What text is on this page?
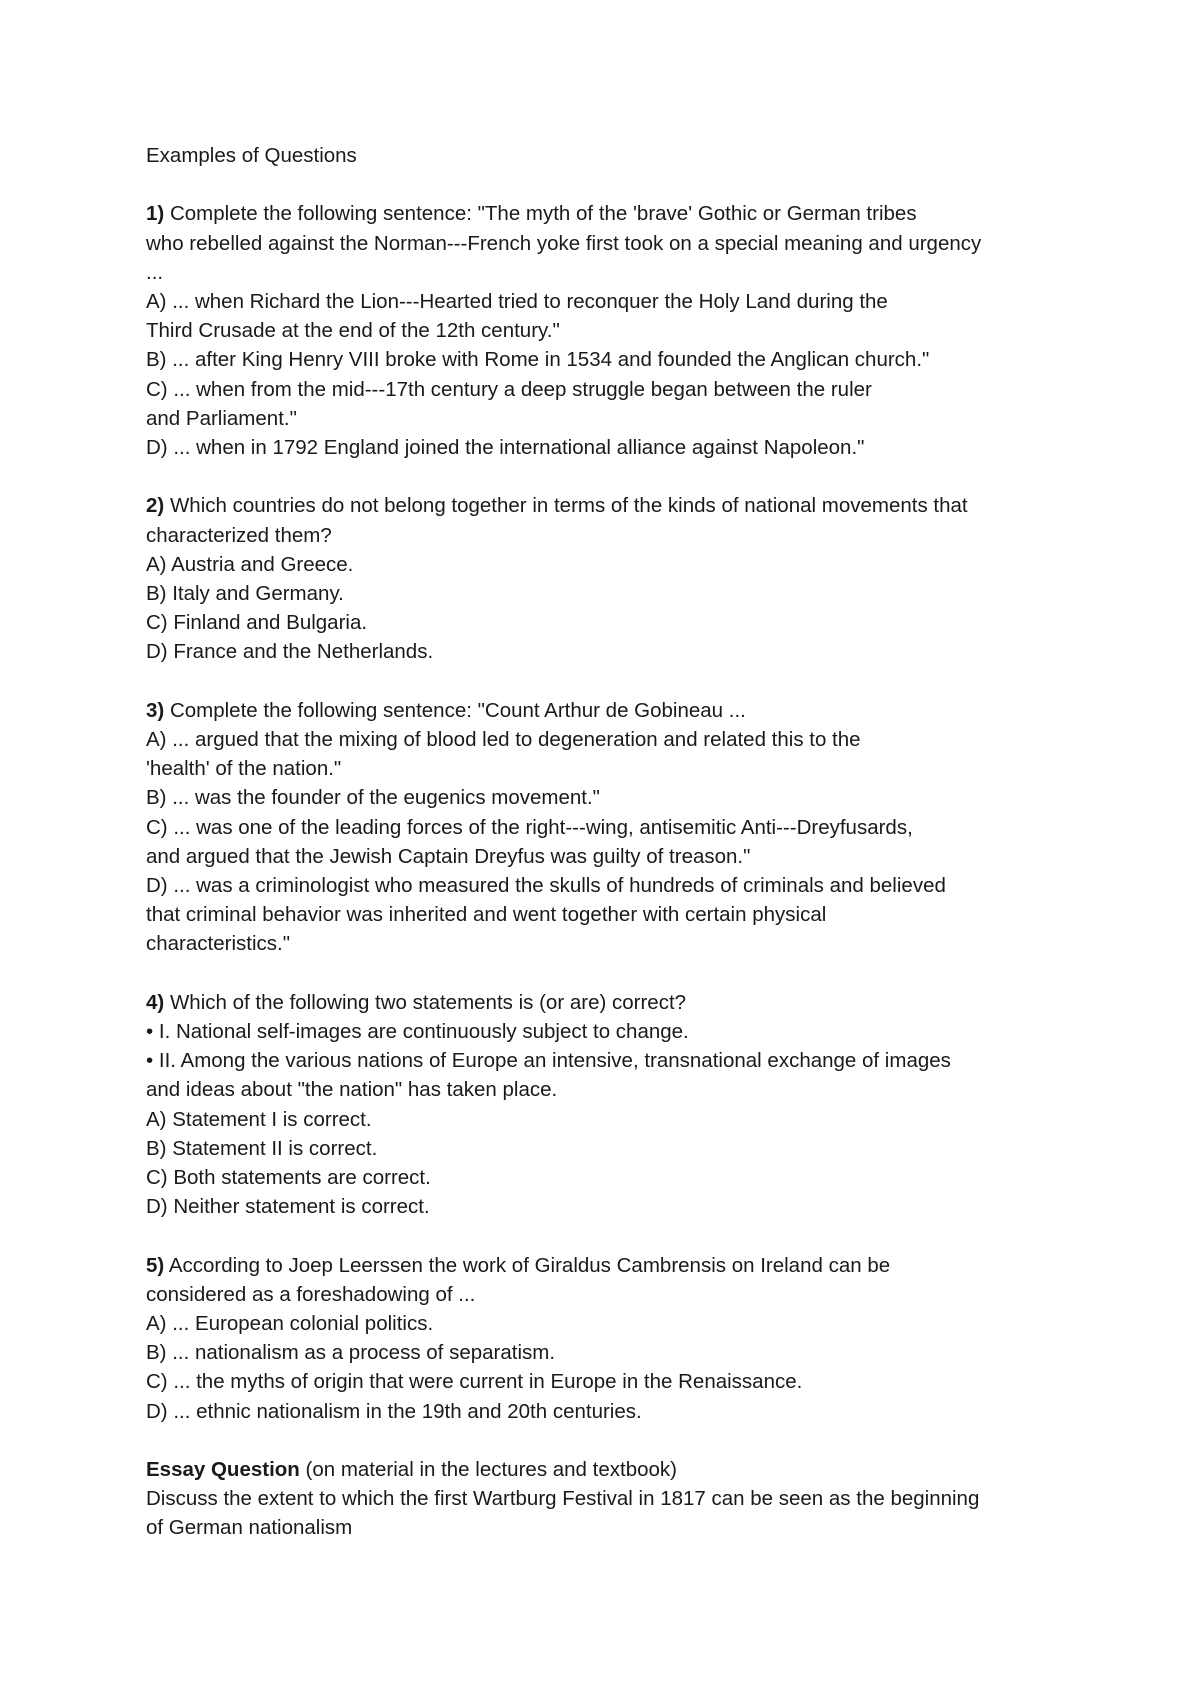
Examples of Questions
1) Complete the following sentence: "The myth of the 'brave' Gothic or German tribes
who rebelled against the Norman---French yoke first took on a special meaning and urgency
...
A) ... when Richard the Lion---Hearted tried to reconquer the Holy Land during the
Third Crusade at the end of the 12th century."
B) ... after King Henry VIII broke with Rome in 1534 and founded the Anglican church."
C) ... when from the mid---17th century a deep struggle began between the ruler
and Parliament."
D) ... when in 1792 England joined the international alliance against Napoleon."
2) Which countries do not belong together in terms of the kinds of national movements that
characterized them?
A) Austria and Greece.
B) Italy and Germany.
C) Finland and Bulgaria.
D) France and the Netherlands.
3) Complete the following sentence: "Count Arthur de Gobineau ...
A) ... argued that the mixing of blood led to degeneration and related this to the
'health' of the nation."
B) ... was the founder of the eugenics movement."
C) ... was one of the leading forces of the right---wing, antisemitic Anti---Dreyfusards,
and argued that the Jewish Captain Dreyfus was guilty of treason."
D) ... was a criminologist who measured the skulls of hundreds of criminals and believed
that criminal behavior was inherited and went together with certain physical
characteristics."
4) Which of the following two statements is (or are) correct?
• I. National self-images are continuously subject to change.
• II. Among the various nations of Europe an intensive, transnational exchange of images
and ideas about "the nation" has taken place.
A) Statement I is correct.
B) Statement II is correct.
C) Both statements are correct.
D) Neither statement is correct.
5) According to Joep Leerssen the work of Giraldus Cambrensis on Ireland can be
considered as a foreshadowing of ...
A) ... European colonial politics.
B) ... nationalism as a process of separatism.
C) ... the myths of origin that were current in Europe in the Renaissance.
D) ... ethnic nationalism in the 19th and 20th centuries.
Essay Question (on material in the lectures and textbook)
Discuss the extent to which the first Wartburg Festival in 1817 can be seen as the beginning
of German nationalism
